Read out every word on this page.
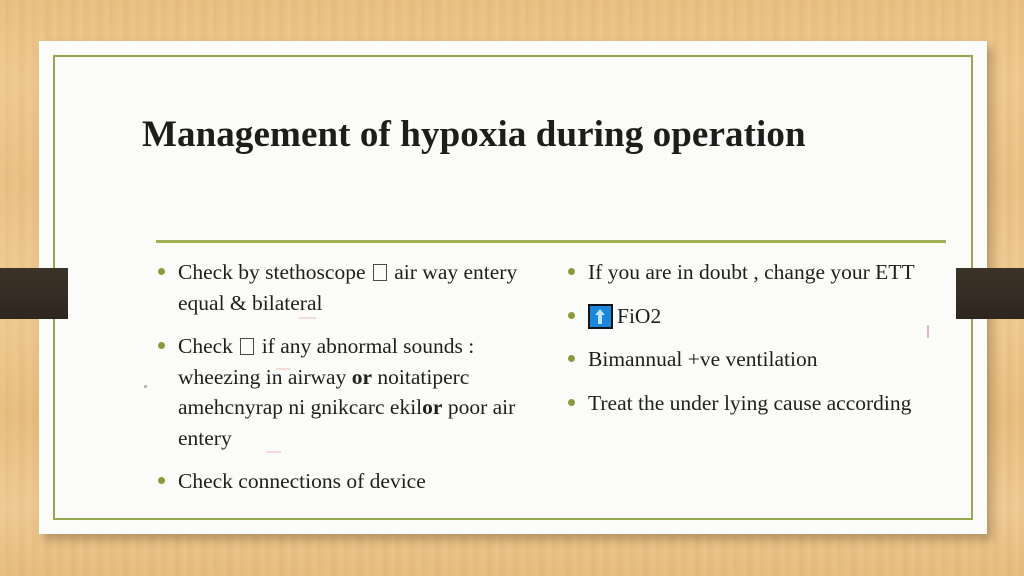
Management of hypoxia during operation
Check by stethoscope  air way entery equal & bilateral
Check  if any abnormal sounds : wheezing in airway or noitatiperc amehcnyrap ni gnikcarc ekilor poor air entery
Check connections of device
If you are in doubt , change your ETT
FiO2
Bimannual +ve ventilation
Treat the under lying cause according
